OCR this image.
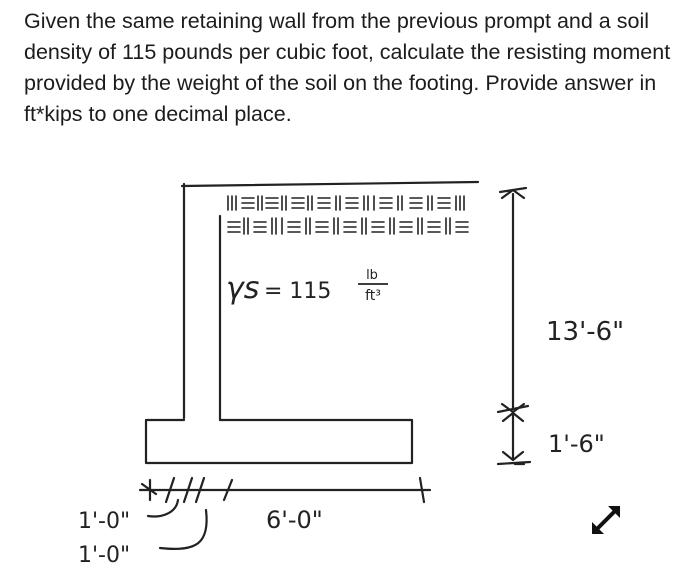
Given the same retaining wall from the previous prompt and a soil density of 115 pounds per cubic foot, calculate the resisting moment provided by the weight of the soil on the footing. Provide answer in ft*kips to one decimal place.

γs = 115
lb
ft³
13'-6"
1'-6"
6'-0"
1'-0"
1'-0"
